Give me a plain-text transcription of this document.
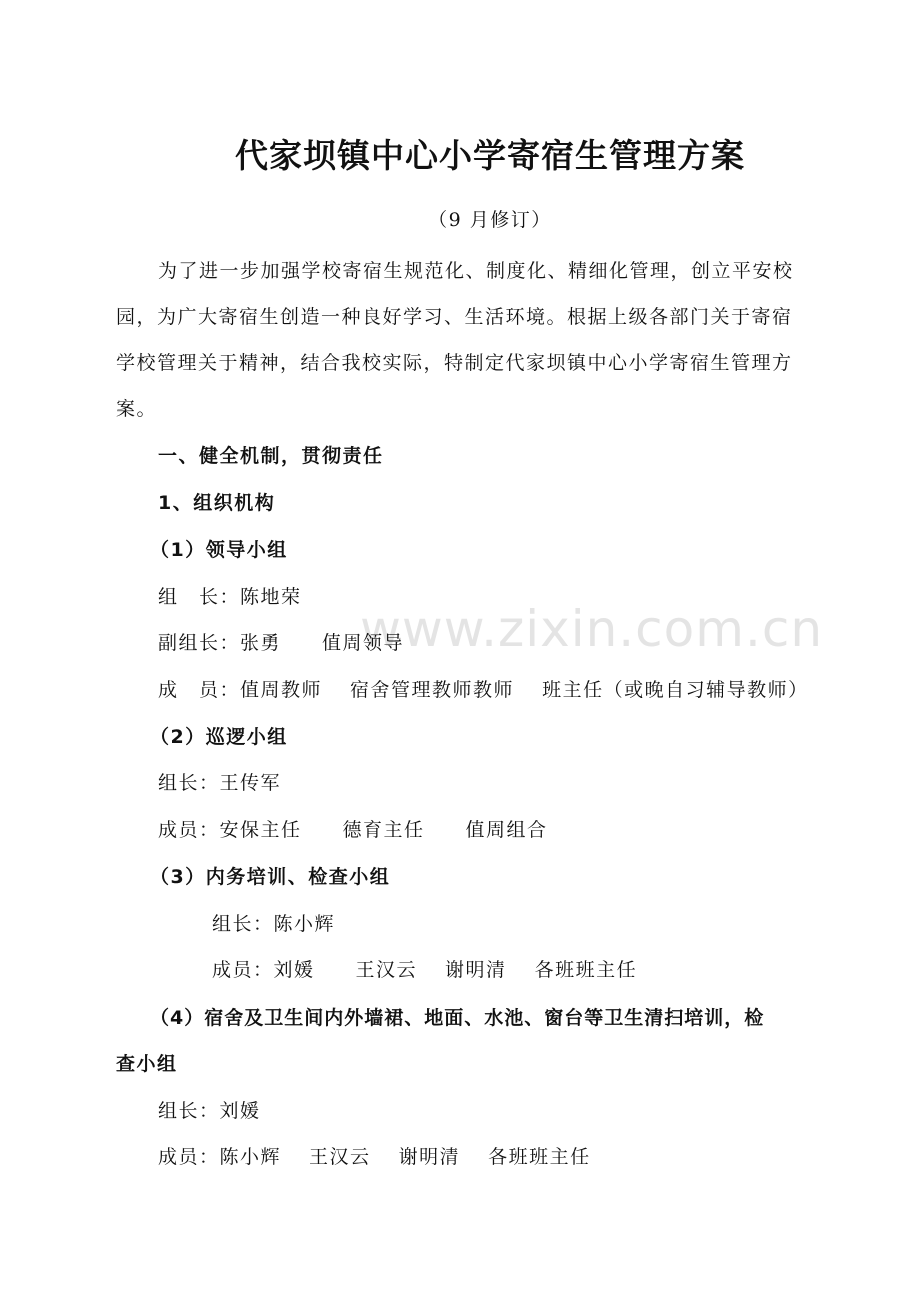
www.zixin.com.cn
代家坝镇中心小学寄宿生管理方案
（9 月修订）
为了进一步加强学校寄宿生规范化、制度化、精细化管理，创立平安校
园，为广大寄宿生创造一种良好学习、生活环境。根据上级各部门关于寄宿
学校管理关于精神，结合我校实际，特制定代家坝镇中心小学寄宿生管理方
案。
一、健全机制，贯彻责任
1、组织机构
（1）领导小组
组　长：陈地荣
副组长：张勇　　值周领导
成　员：值周教师　 宿舍管理教师教师　 班主任（或晚自习辅导教师）
（2）巡逻小组
组长：王传军
成员：安保主任　　德育主任　　值周组合
（3）内务培训、检查小组
组长：陈小辉
成员：刘媛　　王汉云　 谢明清　 各班班主任
（4）宿舍及卫生间内外墙裙、地面、水池、窗台等卫生清扫培训，检
查小组
组长：刘媛
成员：陈小辉　 王汉云　 谢明清　 各班班主任
